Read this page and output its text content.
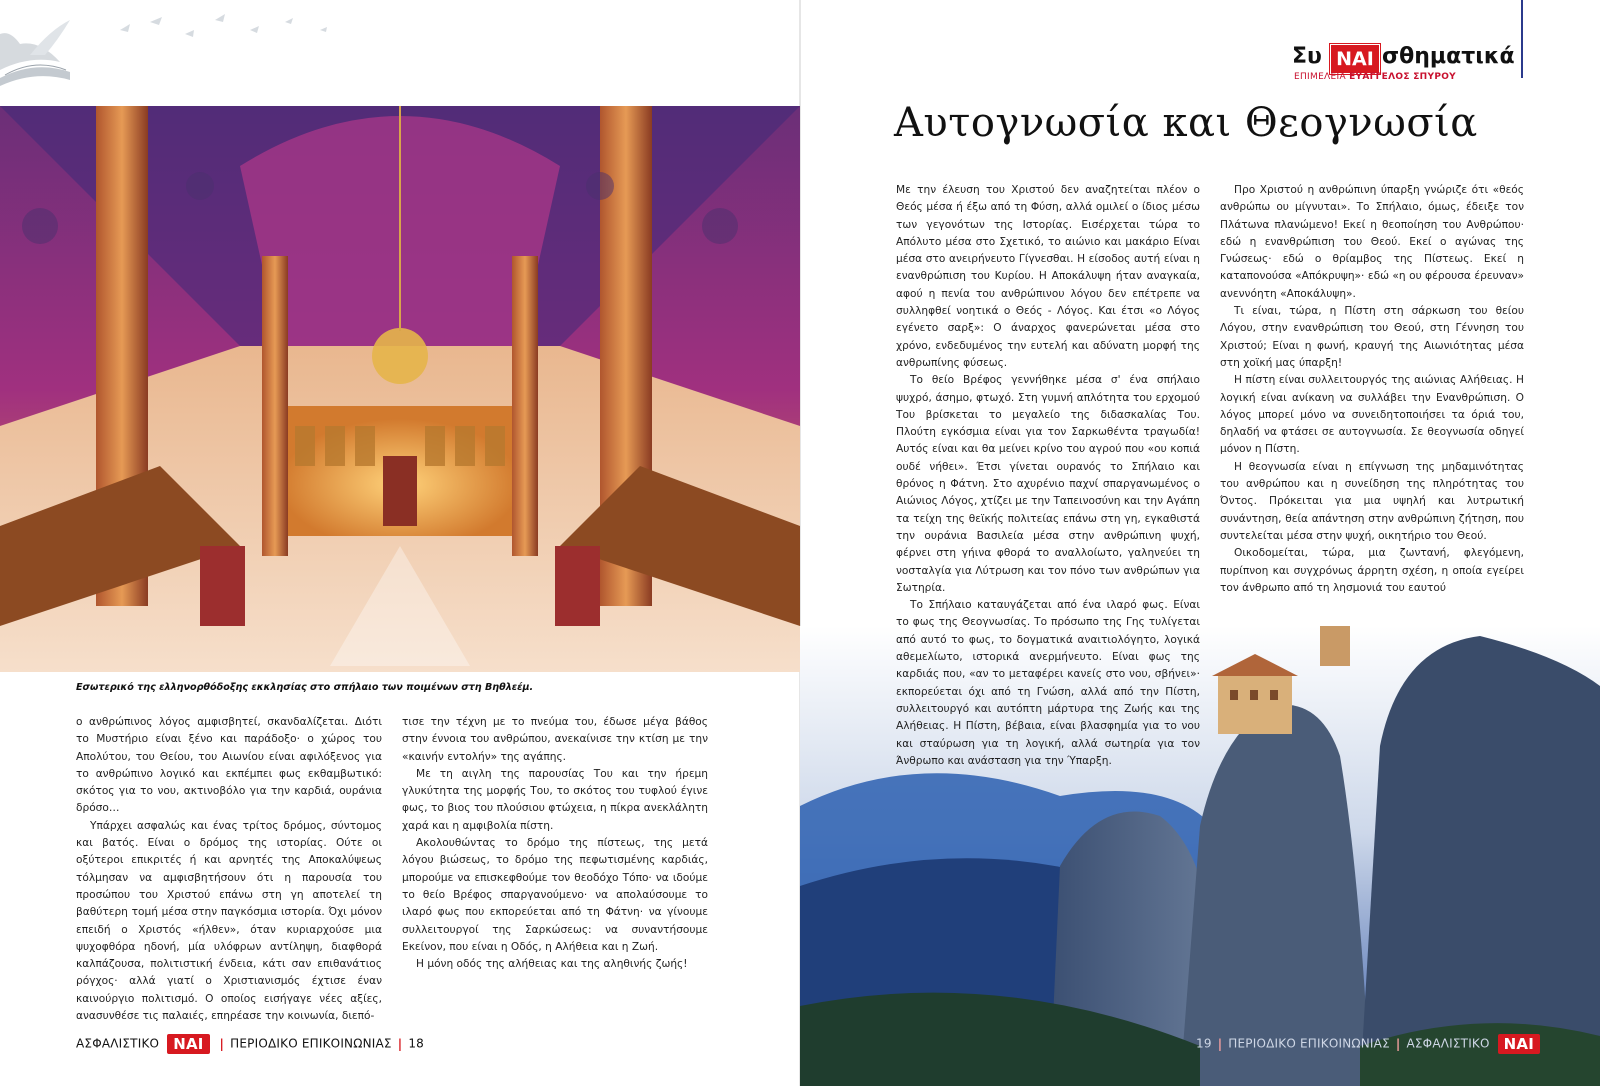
Συ ΝΑΙ σθηματικά
ΕΠΙΜΕΛΕΙΑ ΕΥΑΓΓΕΛΟΣ ΣΠΥΡΟΥ
Εσωτερικό της ελληνορθόδοξης εκκλησίας στο σπήλαιο των ποιμένων στη Βηθλεέμ.
Αυτογνωσία και Θεογνωσία

Με την έλευση του Χριστού δεν αναζητείται πλέον ο Θεός μέσα ή έξω από τη Φύση, αλλά ομιλεί ο ίδιος μέσω των γεγονότων της Ιστορίας. Εισέρχεται τώρα το Απόλυτο μέσα στο Σχετικό, το αιώνιο και μακάριο Είναι μέσα στο ανειρήνευτο Γίγνεσθαι. Η είσοδος αυτή είναι η ενανθρώπιση του Κυρίου. Η Αποκάλυψη ήταν αναγκαία, αφού η πενία του ανθρώπινου λόγου δεν επέτρεπε να συλληφθεί νοητικά ο Θεός - Λόγος. Και έτσι «ο Λόγος εγένετο σαρξ»: Ο άναρχος φανερώνεται μέσα στο χρόνο, ενδεδυμένος την ευτελή και αδύνατη μορφή της ανθρωπίνης φύσεως.

Το θείο Βρέφος γεννήθηκε μέσα σ' ένα σπήλαιο ψυχρό, άσημο, φτωχό. Στη γυμνή απλότητα του ερχομού Του βρίσκεται το μεγαλείο της διδασκαλίας Του. Πλούτη εγκόσμια είναι για τον Σαρκωθέντα τραγωδία! Αυτός είναι και θα μείνει κρίνο του αγρού που «ου κοπιά ουδέ νήθει». Έτσι γίνεται ουρανός το Σπήλαιο και θρόνος η Φάτνη. Στο αχυρένιο παχνί σπαργανωμένος ο Αιώνιος Λόγος, χτίζει με την Ταπεινοσύνη και την Αγάπη τα τείχη της θεϊκής πολιτείας επάνω στη γη, εγκαθιστά την ουράνια Βασιλεία μέσα στην ανθρώπινη ψυχή, φέρνει στη γήινα φθορά το αναλλοίωτο, γαληνεύει τη νοσταλγία για Λύτρωση και τον πόνο των ανθρώπων για Σωτηρία.

Το Σπήλαιο καταυγάζεται από ένα ιλαρό φως. Είναι το φως της Θεογνωσίας. Το πρόσωπο της Γης τυλίγεται από αυτό το φως, το δογματικά αναιτιολόγητο, λογικά αθεμελίωτο, ιστορικά ανερμήνευτο. Είναι φως της καρδιάς που, «αν το μεταφέρει κανείς στο νου, σβήνει»· εκπορεύεται όχι από τη Γνώση, αλλά από την Πίστη, συλλειτουργό και αυτόπτη μάρτυρα της Ζωής και της Αλήθειας. Η Πίστη, βέβαια, είναι βλασφημία για το νου και σταύρωση για τη λογική, αλλά σωτηρία για τον Άνθρωπο και ανάσταση για την Ύπαρξη.

Προ Χριστού η ανθρώπινη ύπαρξη γνώριζε ότι «θεός ανθρώπω ου μίγνυται». Το Σπήλαιο, όμως, έδειξε τον Πλάτωνα πλανώμενο! Εκεί η θεοποίηση του Ανθρώπου· εδώ η ενανθρώπιση του Θεού. Εκεί ο αγώνας της Γνώσεως· εδώ ο θρίαμβος της Πίστεως. Εκεί η καταπονούσα «Απόκρυψη»· εδώ «η ου φέρουσα έρευναν» ανεννόητη «Αποκάλυψη».

Τι είναι, τώρα, η Πίστη στη σάρκωση του θείου Λόγου, στην ενανθρώπιση του Θεού, στη Γέννηση του Χριστού; Είναι η φωνή, κραυγή της Αιωνιότητας μέσα στη χοϊκή μας ύπαρξη!

Η πίστη είναι συλλειτουργός της αιώνιας Αλήθειας. Η λογική είναι ανίκανη να συλλάβει την Ενανθρώπιση. Ο λόγος μπορεί μόνο να συνειδητοποιήσει τα όριά του, δηλαδή να φτάσει σε αυτογνωσία. Σε θεογνωσία οδηγεί μόνον η Πίστη.

Η θεογνωσία είναι η επίγνωση της μηδαμινότητας του ανθρώπου και η συνείδηση της πληρότητας του Όντος. Πρόκειται για μια υψηλή και λυτρωτική συνάντηση, θεία απάντηση στην ανθρώπινη ζήτηση, που συντελείται μέσα στην ψυχή, οικητήριο του Θεού.

Οικοδομείται, τώρα, μια ζωντανή, φλεγόμενη, πυρίπνοη και συγχρόνως άρρητη σχέση, η οποία εγείρει τον άνθρωπο από τη λησμονιά του εαυτού

ο ανθρώπινος λόγος αμφισβητεί, σκανδαλίζεται. Διότι το Μυστήριο είναι ξένο και παράδοξο· ο χώρος του Απολύτου, του Θείου, του Αιωνίου είναι αφιλόξενος για το ανθρώπινο λογικό και εκπέμπει φως εκθαμβωτικό: σκότος για το νου, ακτινοβόλο για την καρδιά, ουράνια δρόσο…

Υπάρχει ασφαλώς και ένας τρίτος δρόμος, σύντομος και βατός. Είναι ο δρόμος της ιστορίας. Ούτε οι οξύτεροι επικριτές ή και αρνητές της Αποκαλύψεως τόλμησαν να αμφισβητήσουν ότι η παρουσία του προσώπου του Χριστού επάνω στη γη αποτελεί τη βαθύτερη τομή μέσα στην παγκόσμια ιστορία. Όχι μόνον επειδή ο Χριστός «ήλθεν», όταν κυριαρχούσε μια ψυχοφθόρα ηδονή, μία υλόφρων αντίληψη, διαφθορά καλπάζουσα, πολιτιστική ένδεια, κάτι σαν επιθανάτιος ρόγχος· αλλά γιατί ο Χριστιανισμός έχτισε έναν καινούργιο πολιτισμό. Ο οποίος εισήγαγε νέες αξίες, ανασυνθέσε τις παλαιές, επηρέασε την κοινωνία, διεπό-

τισε την τέχνη με το πνεύμα του, έδωσε μέγα βάθος στην έννοια του ανθρώπου, ανεκαίνισε την κτίση με την «καινήν εντολήν» της αγάπης.

Με τη αιγλη της παρουσίας Του και την ήρεμη γλυκύτητα της μορφής Του, το σκότος του τυφλού έγινε φως, το βιος του πλούσιου φτώχεια, η πίκρα ανεκλάλητη χαρά και η αμφιβολία πίστη.

Ακολουθώντας το δρόμο της πίστεως, της μετά λόγου βιώσεως, το δρόμο της πεφωτισμένης καρδιάς, μπορούμε να επισκεφθούμε τον θεοδόχο Τόπο· να ιδούμε το θείο Βρέφος σπαργανούμενο· να απολαύσουμε το ιλαρό φως που εκπορεύεται από τη Φάτνη· να γίνουμε συλλειτουργοί της Σαρκώσεως: να συναντήσουμε Εκείνον, που είναι η Οδός, η Αλήθεια και η Ζωή.

Η μόνη οδός της αλήθειας και της αληθινής ζωής!

ΑΣΦΑΛΙΣΤΙΚΟ ΝΑΙ | ΠΕΡΙΟΔΙΚΟ ΕΠΙΚΟΙΝΩΝΙΑΣ | 18	19 | ΠΕΡΙΟΔΙΚΟ ΕΠΙΚΟΙΝΩΝΙΑΣ | ΑΣΦΑΛΙΣΤΙΚΟ ΝΑΙ
